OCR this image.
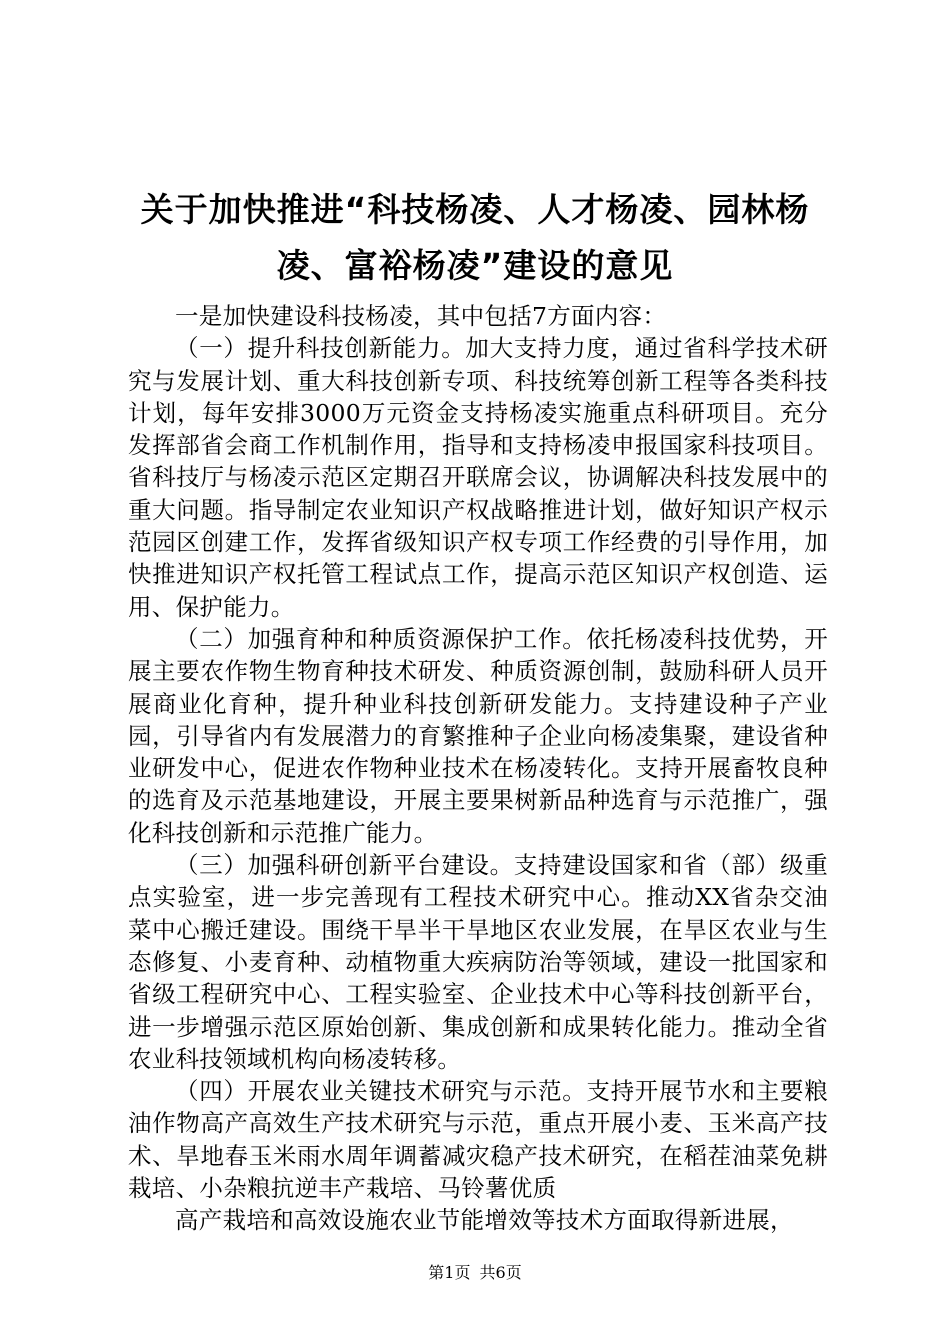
关于加快推进“科技杨凌、人才杨凌、园林杨
凌、富裕杨凌”建设的意见

一是加快建设科技杨凌，其中包括7方面内容：

（一）提升科技创新能力。加大支持力度，通过省科学技术研究与发展计划、重大科技创新专项、科技统筹创新工程等各类科技计划，每年安排3000万元资金支持杨凌实施重点科研项目。充分发挥部省会商工作机制作用，指导和支持杨凌申报国家科技项目。省科技厅与杨凌示范区定期召开联席会议，协调解决科技发展中的重大问题。指导制定农业知识产权战略推进计划，做好知识产权示范园区创建工作，发挥省级知识产权专项工作经费的引导作用，加快推进知识产权托管工程试点工作，提高示范区知识产权创造、运用、保护能力。

（二）加强育种和种质资源保护工作。依托杨凌科技优势，开展主要农作物生物育种技术研发、种质资源创制，鼓励科研人员开展商业化育种，提升种业科技创新研发能力。支持建设种子产业园，引导省内有发展潜力的育繁推种子企业向杨凌集聚，建设省种业研发中心，促进农作物种业技术在杨凌转化。支持开展畜牧良种的选育及示范基地建设，开展主要果树新品种选育与示范推广，强化科技创新和示范推广能力。

（三）加强科研创新平台建设。支持建设国家和省（部）级重点实验室，进一步完善现有工程技术研究中心。推动XX省杂交油菜中心搬迁建设。围绕干旱半干旱地区农业发展，在旱区农业与生态修复、小麦育种、动植物重大疾病防治等领域，建设一批国家和省级工程研究中心、工程实验室、企业技术中心等科技创新平台，进一步增强示范区原始创新、集成创新和成果转化能力。推动全省农业科技领域机构向杨凌转移。

（四）开展农业关键技术研究与示范。支持开展节水和主要粮油作物高产高效生产技术研究与示范，重点开展小麦、玉米高产技术、旱地春玉米雨水周年调蓄减灾稳产技术研究，在稻茬油菜免耕栽培、小杂粮抗逆丰产栽培、马铃薯优质

高产栽培和高效设施农业节能增效等技术方面取得新进展，

第1页 共6页
